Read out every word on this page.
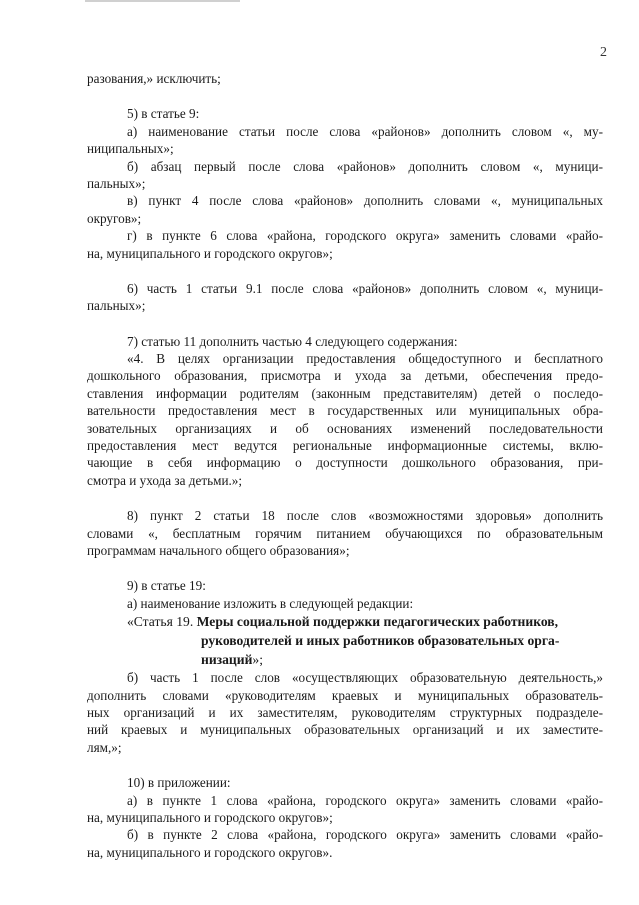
2
разования,» исключить;
5) в статье 9:
а) наименование статьи после слова «районов» дополнить словом «, му-
ниципальных»;
б) абзац первый после слова «районов» дополнить словом «, муници-
пальных»;
в) пункт 4 после слова «районов» дополнить словами «, муниципальных
округов»;
г) в пункте 6 слова «района, городского округа» заменить словами «райо-
на, муниципального и городского округов»;
6) часть 1 статьи 9.1 после слова «районов» дополнить словом «, муници-
пальных»;
7) статью 11 дополнить частью 4 следующего содержания:
«4. В целях организации предоставления общедоступного и бесплатного
дошкольного образования, присмотра и ухода за детьми, обеспечения предо-
ставления информации родителям (законным представителям) детей о последо-
вательности предоставления мест в государственных или муниципальных обра-
зовательных организациях и об основаниях изменений последовательности
предоставления мест ведутся региональные информационные системы, вклю-
чающие в себя информацию о доступности дошкольного образования, при-
смотра и ухода за детьми.»;
8) пункт 2 статьи 18 после слов «возможностями здоровья» дополнить
словами «, бесплатным горячим питанием обучающихся по образовательным
программам начального общего образования»;
9) в статье 19:
а) наименование изложить в следующей редакции:
«Статья 19. Меры социальной поддержки педагогических работников,
руководителей и иных работников образовательных орга-
низаций»;
б) часть 1 после слов «осуществляющих образовательную деятельность,»
дополнить словами «руководителям краевых и муниципальных образователь-
ных организаций и их заместителям, руководителям структурных подразделе-
ний краевых и муниципальных образовательных организаций и их заместите-
лям,»;
10) в приложении:
а) в пункте 1 слова «района, городского округа» заменить словами «райо-
на, муниципального и городского округов»;
б) в пункте 2 слова «района, городского округа» заменить словами «райо-
на, муниципального и городского округов».
